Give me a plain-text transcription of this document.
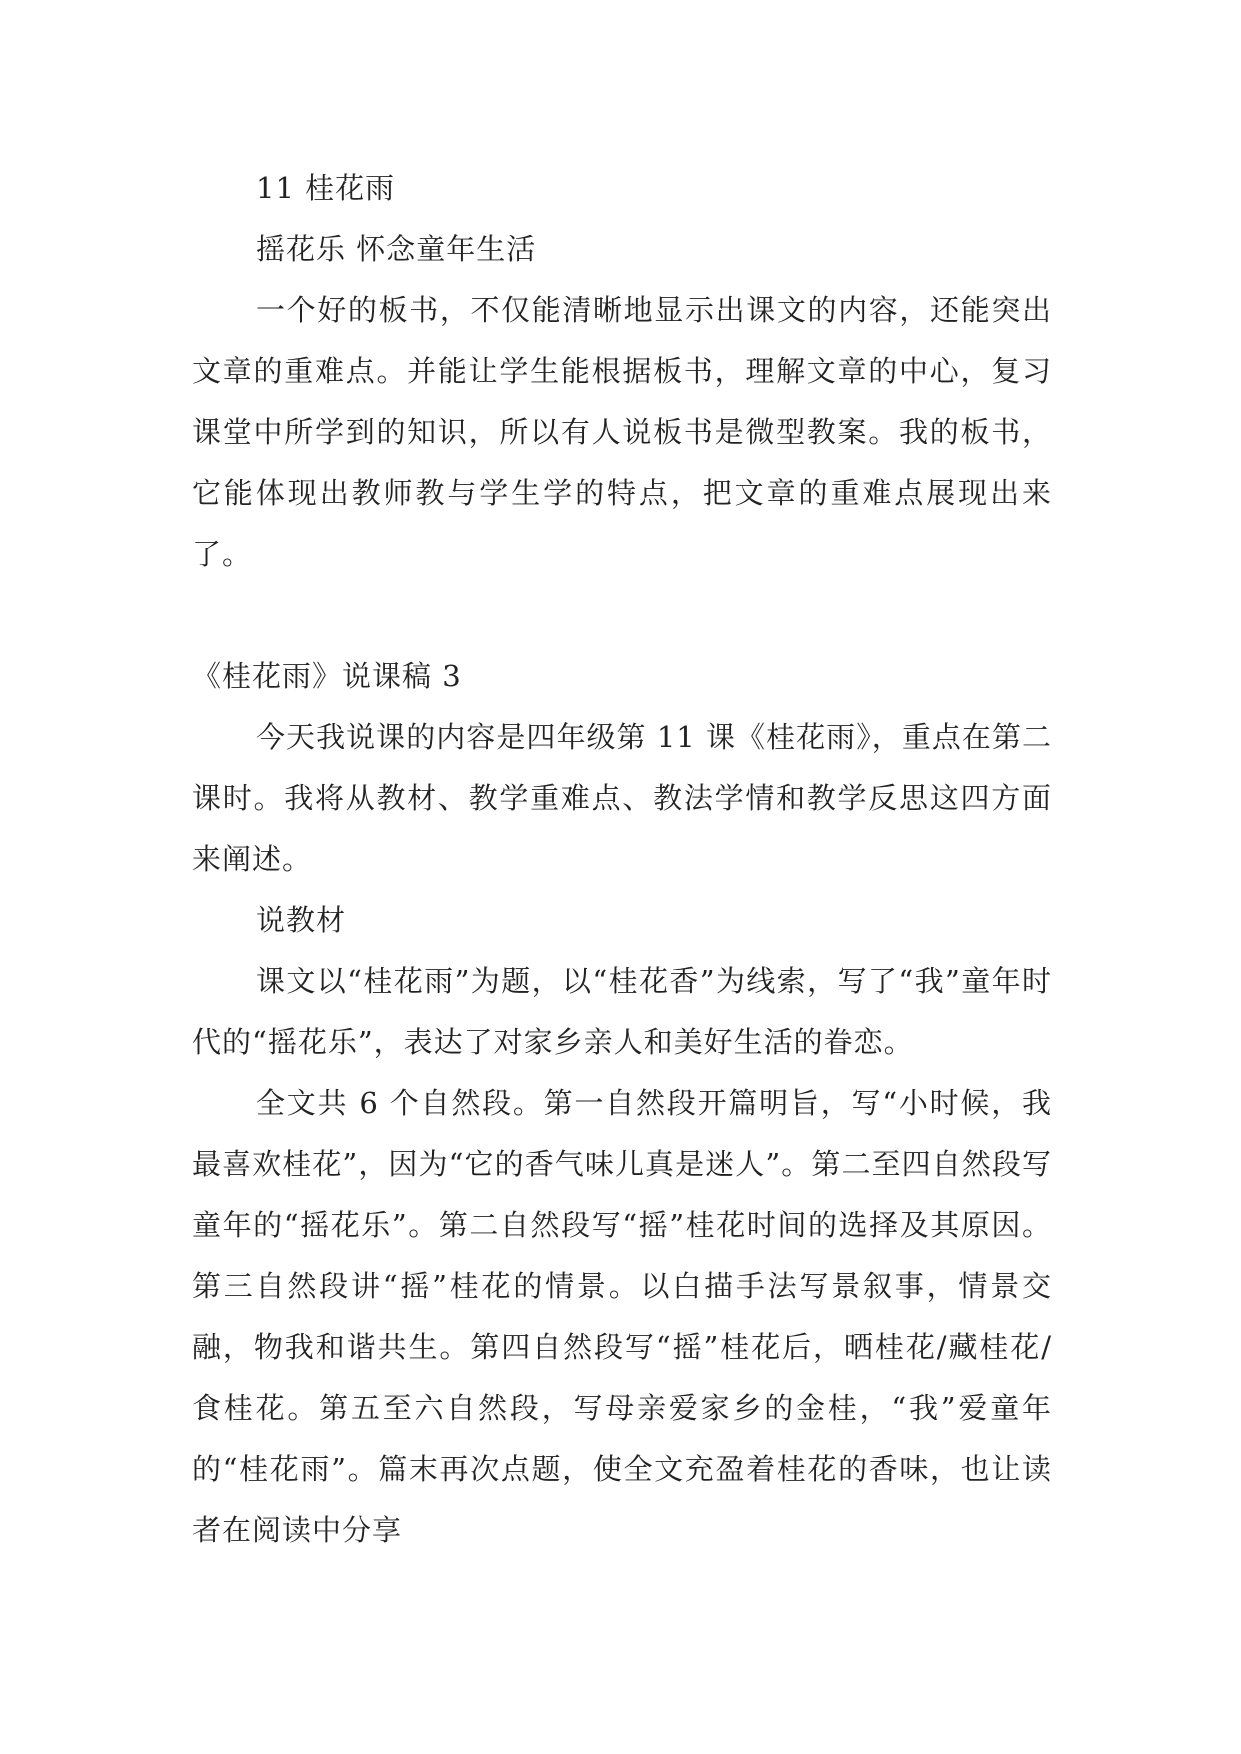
11 桂花雨

摇花乐 怀念童年生活

一个好的板书，不仅能清晰地显示出课文的内容，还能突出文章的重难点。并能让学生能根据板书，理解文章的中心，复习课堂中所学到的知识，所以有人说板书是微型教案。我的板书，它能体现出教师教与学生学的特点，把文章的重难点展现出来了。

《桂花雨》说课稿 3

今天我说课的内容是四年级第 11 课《桂花雨》，重点在第二课时。我将从教材、教学重难点、教法学情和教学反思这四方面来阐述。

说教材

课文以“桂花雨”为题，以“桂花香”为线索，写了“我”童年时代的“摇花乐”，表达了对家乡亲人和美好生活的眷恋。

全文共 6 个自然段。第一自然段开篇明旨，写“小时候，我最喜欢桂花”，因为“它的香气味儿真是迷人”。第二至四自然段写童年的“摇花乐”。第二自然段写“摇”桂花时间的选择及其原因。第三自然段讲“摇”桂花的情景。以白描手法写景叙事，情景交融，物我和谐共生。第四自然段写“摇”桂花后，晒桂花/藏桂花/食桂花。第五至六自然段，写母亲爱家乡的金桂，“我”爱童年的“桂花雨”。篇末再次点题，使全文充盈着桂花的香味，也让读者在阅读中分享
